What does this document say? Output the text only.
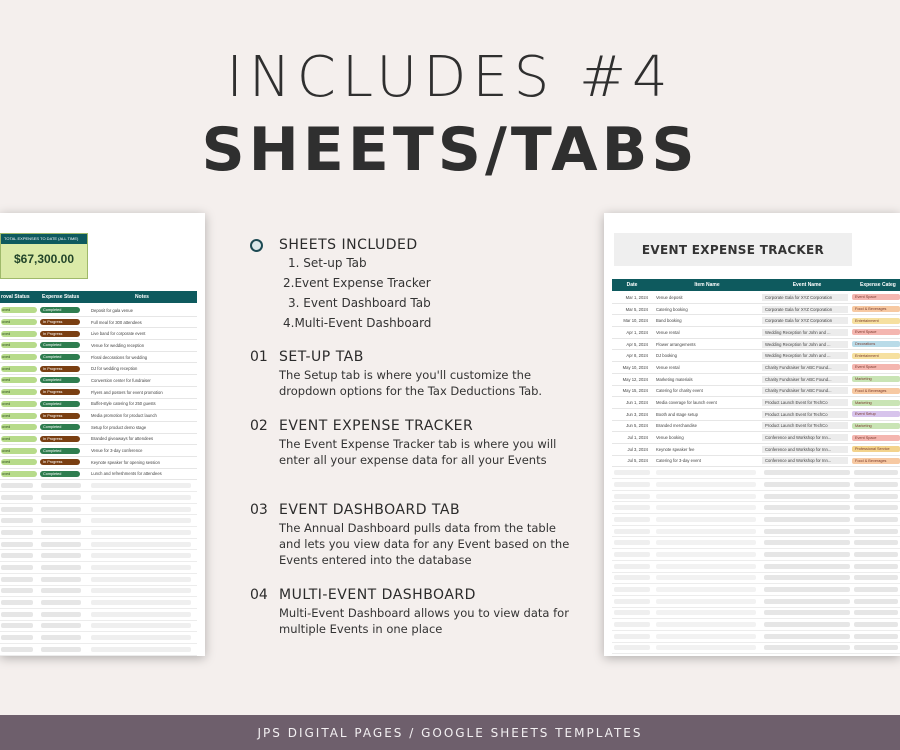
INCLUDES #4
SHEETS/TABS
TOTAL EXPENSES TO DATE (ALL TIME)
$67,300.00
roval Status	Expense Status	Notes
oved	Completed	Deposit for gala venue
oved	In Progress	Full meal for 300 attendees
oved	In Progress	Live band for corporate event
oved	Completed	Venue for wedding reception
oved	Completed	Floral decorations for wedding
oved	In Progress	DJ for wedding reception
oved	Completed	Convention center for fundraiser
oved	In Progress	Flyers and posters for event promotion
oved	Completed	Buffet-style catering for 250 guests
oved	In Progress	Media promotion for product launch
oved	Completed	Setup for product demo stage
oved	In Progress	Branded giveaways for attendees
oved	Completed	Venue for 3-day conference
oved	In Progress	Keynote speaker for opening session
oved	Completed	Lunch and refreshments for attendees
EVENT EXPENSE TRACKER
Date	Item Name	Event Name	Expense Categ
Mar 1, 2024	Venue deposit	Corporate Gala for XYZ Corporation	Event Space
Mar 5, 2024	Catering booking	Corporate Gala for XYZ Corporation	Food & Beverages
Mar 10, 2024	Band booking	Corporate Gala for XYZ Corporation	Entertainment
Apr 1, 2024	Venue rental	Wedding Reception for John and ...	Event Space
Apr 5, 2024	Flower arrangements	Wedding Reception for John and ...	Decorations
Apr 8, 2024	DJ booking	Wedding Reception for John and ...	Entertainment
May 10, 2024	Venue rental	Charity Fundraiser for ABC Found...	Event Space
May 12, 2024	Marketing materials	Charity Fundraiser for ABC Found...	Marketing
May 15, 2024	Catering for charity event	Charity Fundraiser for ABC Found...	Food & Beverages
Jun 1, 2024	Media coverage for launch event	Product Launch Event for TechCo	Marketing
Jun 3, 2024	Booth and stage setup	Product Launch Event for TechCo	Event Setup
Jun 5, 2024	Branded merchandise	Product Launch Event for TechCo	Marketing
Jul 1, 2024	Venue booking	Conference and Workshop for Inn...	Event Space
Jul 3, 2024	Keynote speaker fee	Conference and Workshop for Inn...	Professional Service
Jul 5, 2024	Catering for 3-day event	Conference and Workshop for Inn...	Food & Beverages
SHEETS INCLUDED
1. Set-up Tab
2.Event Expense Tracker
3. Event Dashboard Tab
4.Multi-Event Dashboard
01 SET-UP TAB
The Setup tab is where you'll customize the dropdown options for the Tax Deductions Tab.
02 EVENT EXPENSE TRACKER
The Event Expense Tracker tab is where you will enter all your expense data for all your Events
03 EVENT DASHBOARD TAB
The Annual Dashboard pulls data from the table and lets you view data for any Event based on the Events entered into the database
04 MULTI-EVENT DASHBOARD
Multi-Event Dashboard allows you to view data for multiple Events in one place
JPS DIGITAL PAGES / GOOGLE SHEETS TEMPLATES
